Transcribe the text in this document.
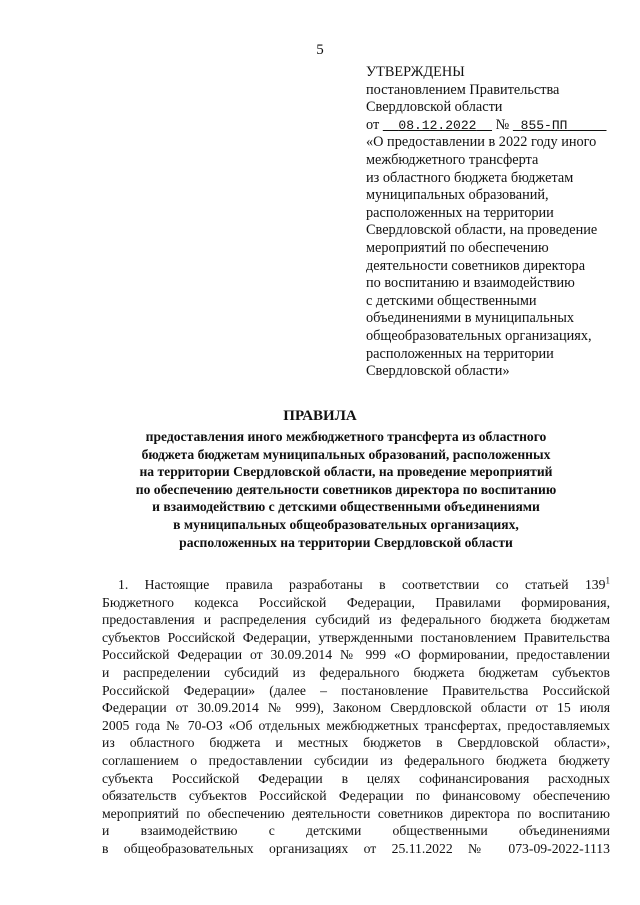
5
УТВЕРЖДЕНЫ
постановлением Правительства
Свердловской области
от 08.12.2022 № 855-ПП
«О предоставлении в 2022 году иного
межбюджетного трансферта
из областного бюджета бюджетам
муниципальных образований,
расположенных на территории
Свердловской области, на проведение
мероприятий по обеспечению
деятельности советников директора
по воспитанию и взаимодействию
с детскими общественными
объединениями в муниципальных
общеобразовательных организациях,
расположенных на территории
Свердловской области»
ПРАВИЛА
предоставления иного межбюджетного трансферта из областного
бюджета бюджетам муниципальных образований, расположенных
на территории Свердловской области, на проведение мероприятий
по обеспечению деятельности советников директора по воспитанию
и взаимодействию с детскими общественными объединениями
в муниципальных общеобразовательных организациях,
расположенных на территории Свердловской области
1. Настоящие правила разработаны в соответствии со статьей $139^1$
Бюджетного кодекса Российской Федерации, Правилами формирования,
предоставления и распределения субсидий из федерального бюджета бюджетам
субъектов Российской Федерации, утвержденными постановлением Правительства
Российской Федерации от 30.09.2014 № 999 «О формировании, предоставлении
и распределении субсидий из федерального бюджета бюджетам субъектов
Российской Федерации» (далее – постановление Правительства Российской
Федерации от 30.09.2014 № 999), Законом Свердловской области от 15 июля
2005 года № 70-ОЗ «Об отдельных межбюджетных трансфертах, предоставляемых
из областного бюджета и местных бюджетов в Свердловской области»,
соглашением о предоставлении субсидии из федерального бюджета бюджету
субъекта Российской Федерации в целях софинансирования расходных
обязательств субъектов Российской Федерации по финансовому обеспечению
мероприятий по обеспечению деятельности советников директора по воспитанию
и взаимодействию с детскими общественными объединениями
в общеобразовательных организациях от 25.11.2022 № 073-09-2022-1113
